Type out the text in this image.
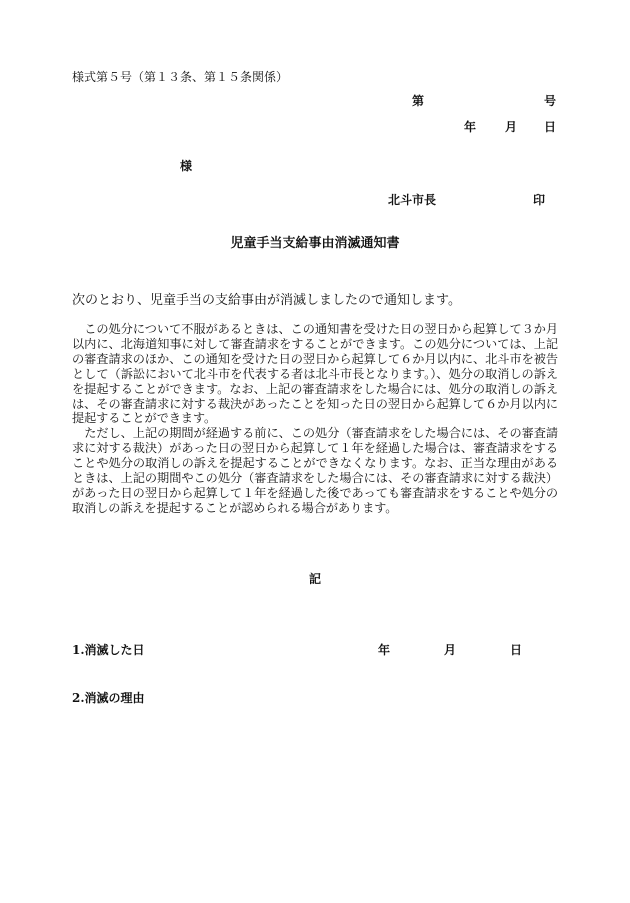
様式第５号（第１３条、第１５条関係）
第	号
年 月 日
様
北斗市長	印
児童手当支給事由消滅通知書
次のとおり、児童手当の支給事由が消滅しましたので通知します。

この処分について不服があるときは、この通知書を受けた日の翌日から起算して３か月以内に、北海道知事に対して審査請求をすることができます。この処分については、上記の審査請求のほか、この通知を受けた日の翌日から起算して６か月以内に、北斗市を被告として（訴訟において北斗市を代表する者は北斗市長となります。）、処分の取消しの訴えを提起することができます。なお、上記の審査請求をした場合には、処分の取消しの訴えは、その審査請求に対する裁決があったことを知った日の翌日から起算して６か月以内に提起することができます。

ただし、上記の期間が経過する前に、この処分（審査請求をした場合には、その審査請求に対する裁決）があった日の翌日から起算して１年を経過した場合は、審査請求をすることや処分の取消しの訴えを提起することができなくなります。なお、正当な理由があるときは、上記の期間やこの処分（審査請求をした場合には、その審査請求に対する裁決）があった日の翌日から起算して１年を経過した後であっても審査請求をすることや処分の取消しの訴えを提起することが認められる場合があります。

記
1.消滅した日	年	月	日
2.消滅の理由
